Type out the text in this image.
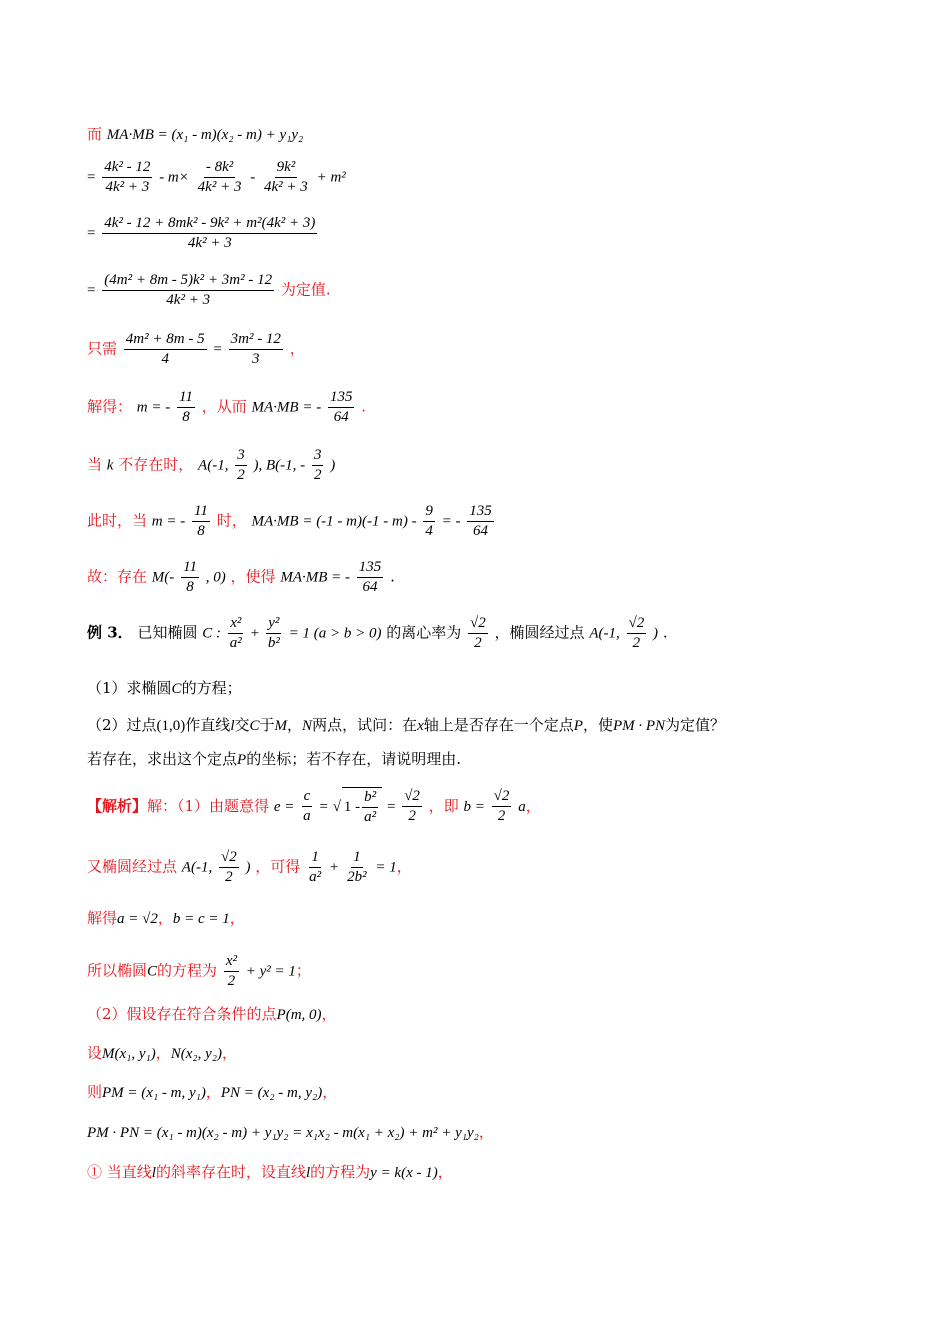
而 MA·MB = (x₁ - m)(x₂ - m) + y₁y₂
= $\frac{\text{4k² - 12}}{\text{4k² + 3}} - m\times \frac{\text{- 8k²}}{\text{4k² + 3}} - \frac{\text{9k²}}{\text{4k² + 3}} + m^2$
= $\frac{\text{4k² - 12 + 8mk² - 9k² + m²(4k² + 3)}}{\text{4k² + 3}}$
= $\frac{\text{(4m² + 8m - 5)k² + 3m² - 12}}{\text{4k² + 3}}$ 为定值.
只需 $\frac{\text{4m² + 8m - 5}}{4} = \frac{\text{3m² - 12}}{3}$ ，
解得： m = - $\frac{11}{8}$ ，从而 MA·MB = - $\frac{135}{64}$ .
当 k 不存在时， A(-1, $\frac{3}{2}$ ), B(-1, - $\frac{3}{2}$ )
此时，当 m = - $\frac{11}{8}$ 时， $MA\cdot MB = (-1 - m)(-1 - m) - \frac{9}{4}$ = - $\frac{135}{64}$
故：存在 $M(- \frac{11}{8}$ , 0) ，使得 MA·MB = - $\frac{135}{64}$ .
例 3． 已知椭圆 C : $\frac{\text{x²}}{\text{a²}} + \frac{\text{y²}}{\text{b²}} = 1$ (a > b > 0) 的离心率为 $\frac{√2}{2}$ ，椭圆经过点 A(-1, $\frac{√2}{2}$ ) .
（1）求椭圆C的方程；
（2）过点(1,0)作直线l交C于M，N两点，试问：在x轴上是否存在一个定点P，使PM · PN为定值？
若存在，求出这个定点P的坐标；若不存在，请说明理由.
【解析】解：（1）由题意得 $e = \frac{c}{a}$ = √ $1 - \frac{\text{b²}}{\text{a²}} = \frac{√2}{2}$ ，即 $b = \frac{√2}{2}$ a，
又椭圆经过点 A(-1, $\frac{√2}{2}$ ) ，可得 $\frac{1}{\text{a²}} + \frac{1}{\text{2b²}} = 1$，
解得a = √2，b = c = 1，
所以椭圆C的方程为 $\frac{\text{x²}}{2} + y^2 = 1$；
（2）假设存在符合条件的点P(m, 0)，
设M(x₁, y₁)，N(x₂, y₂)，
则PM = (x₁ - m, y₁)，PN = (x₂ - m, y₂)，
PM · PN = (x₁ - m)(x₂ - m) + y₁y₂ = x₁x₂ - m(x₁ + x₂) + m² + y₁y₂，
① 当直线l的斜率存在时，设直线l的方程为y = k(x - 1)，
